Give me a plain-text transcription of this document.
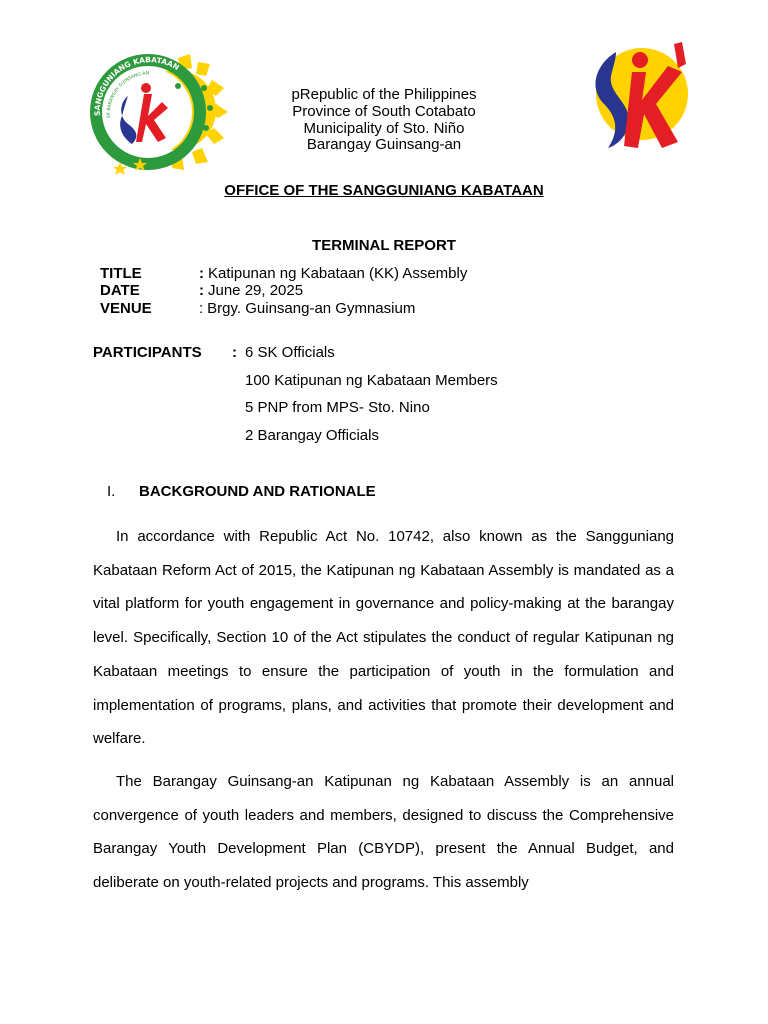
SANGGUNIANG KABATAAN
SK BARANGAY GUINSANG-AN
pRepublic of the Philippines
Province of South Cotabato
Municipality of Sto. Niño
Barangay Guinsang-an
OFFICE OF THE SANGGUNIANG KABATAAN
TERMINAL REPORT
TITLE	: Katipunan ng Kabataan (KK) Assembly
DATE	: June 29, 2025
VENUE	: Brgy. Guinsang-an Gymnasium
PARTICIPANTS : 6 SK Officials
100 Katipunan ng Kabataan Members
5 PNP from MPS- Sto. Nino
2 Barangay Officials
I. BACKGROUND AND RATIONALE

In accordance with Republic Act No. 10742, also known as the Sangguniang Kabataan Reform Act of 2015, the Katipunan ng Kabataan Assembly is mandated as a vital platform for youth engagement in governance and policy-making at the barangay level. Specifically, Section 10 of the Act stipulates the conduct of regular Katipunan ng Kabataan meetings to ensure the participation of youth in the formulation and implementation of programs, plans, and activities that promote their development and welfare.

The Barangay Guinsang-an Katipunan ng Kabataan Assembly is an annual convergence of youth leaders and members, designed to discuss the Comprehensive Barangay Youth Development Plan (CBYDP), present the Annual Budget, and deliberate on youth-related projects and programs. This assembly
